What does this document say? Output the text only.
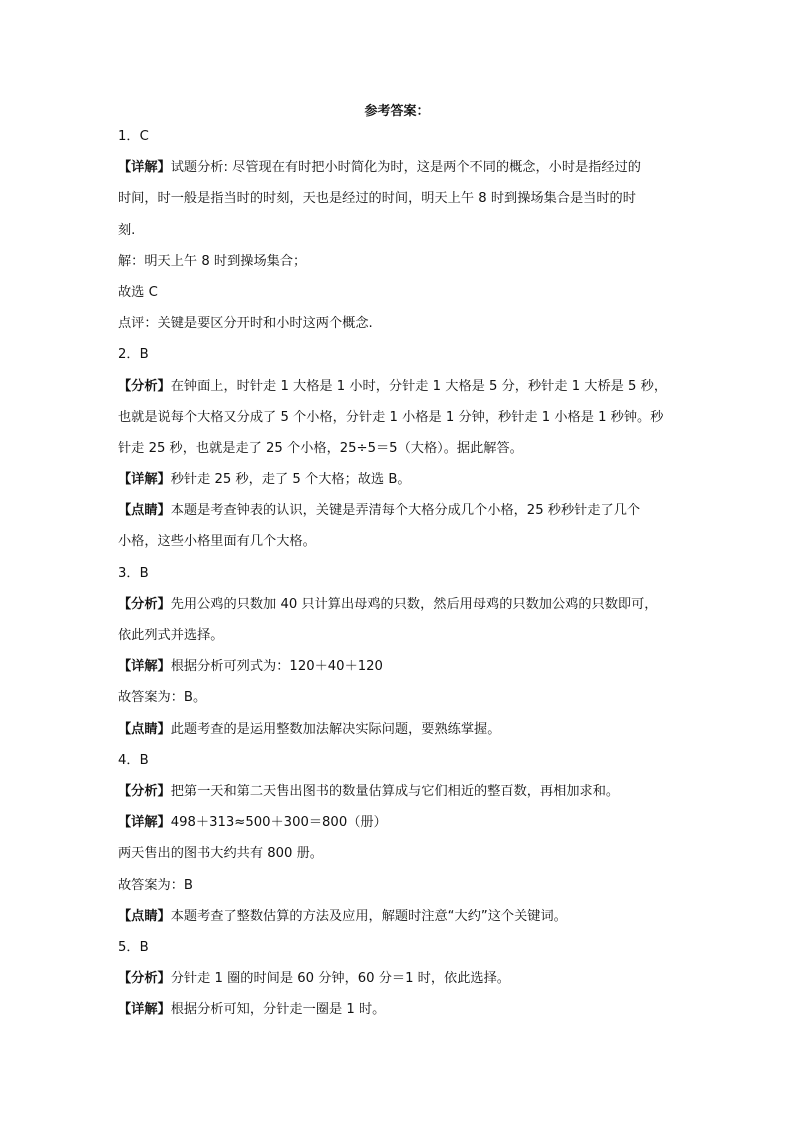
参考答案：
1．C
【详解】试题分析: 尽管现在有时把小时简化为时，这是两个不同的概念，小时是指经过的
时间，时一般是指当时的时刻，天也是经过的时间，明天上午 8 时到操场集合是当时的时
刻.
解：明天上午 8 时到操场集合；
故选 C
点评：关键是要区分开时和小时这两个概念.
2．B
【分析】在钟面上，时针走 1 大格是 1 小时，分针走 1 大格是 5 分，秒针走 1 大桥是 5 秒，
也就是说每个大格又分成了 5 个小格，分针走 1 小格是 1 分钟，秒针走 1 小格是 1 秒钟。秒
针走 25 秒，也就是走了 25 个小格，25÷5＝5（大格）。据此解答。
【详解】秒针走 25 秒，走了 5 个大格；故选 B。
【点睛】本题是考查钟表的认识，关键是弄清每个大格分成几个小格，25 秒秒针走了几个
小格，这些小格里面有几个大格。
3．B
【分析】先用公鸡的只数加 40 只计算出母鸡的只数，然后用母鸡的只数加公鸡的只数即可，
依此列式并选择。
【详解】根据分析可列式为：120＋40＋120
故答案为：B。
【点睛】此题考查的是运用整数加法解决实际问题，要熟练掌握。
4．B
【分析】把第一天和第二天售出图书的数量估算成与它们相近的整百数，再相加求和。
【详解】498＋313≈500＋300＝800（册）
两天售出的图书大约共有 800 册。
故答案为：B
【点睛】本题考查了整数估算的方法及应用，解题时注意“大约”这个关键词。
5．B
【分析】分针走 1 圈的时间是 60 分钟，60 分＝1 时，依此选择。
【详解】根据分析可知，分针走一圈是 1 时。
